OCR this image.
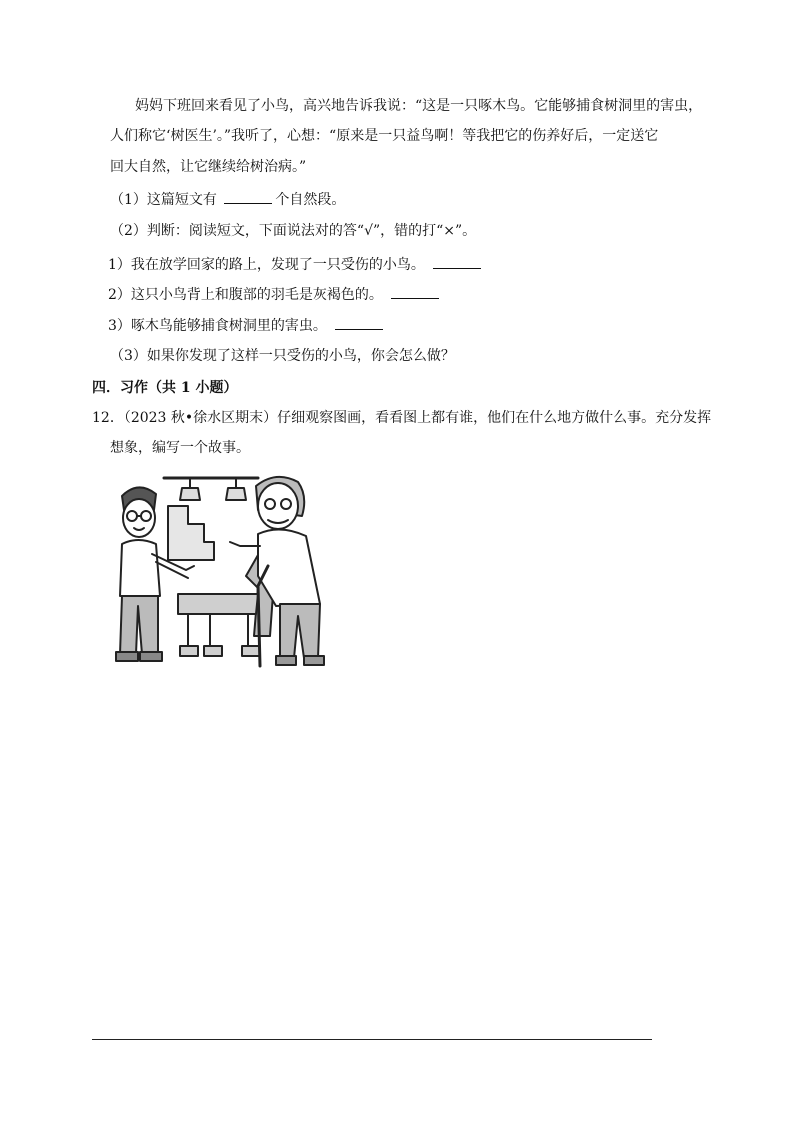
妈妈下班回来看见了小鸟，高兴地告诉我说：“这是一只啄木鸟。它能够捕食树洞里的害虫，
人们称它‘树医生’。”我听了，心想：“原来是一只益鸟啊！等我把它的伤养好后，一定送它
回大自然，让它继续给树治病。”
（1）这篇短文有	个自然段。
（2）判断：阅读短文，下面说法对的答“√”，错的打“×”。
1）我在放学回家的路上，发现了一只受伤的小鸟。
2）这只小鸟背上和腹部的羽毛是灰褐色的。
3）啄木鸟能够捕食树洞里的害虫。
（3）如果你发现了这样一只受伤的小鸟，你会怎么做？
四．习作（共 1 小题）
12．（2023 秋•徐水区期末）仔细观察图画，看看图上都有谁，他们在什么地方做什么事。充分发挥
想象，编写一个故事。
